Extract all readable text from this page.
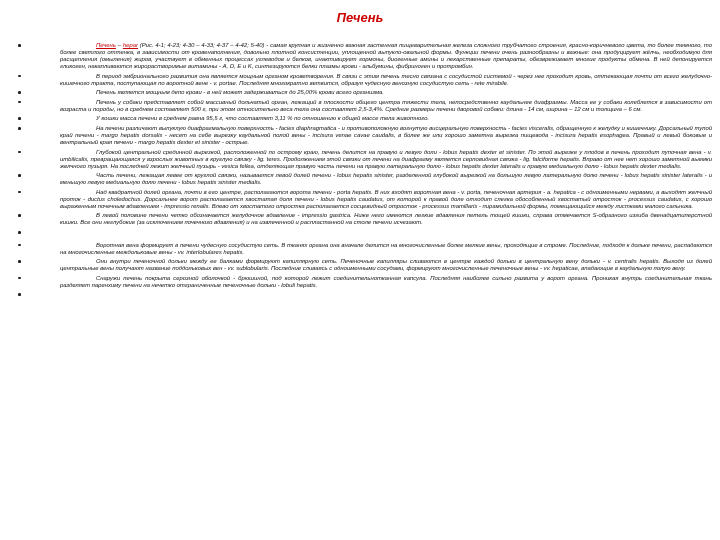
Печень
Печень – hepar (Рис. 4-1; 4-23; 4-30 – 4-33; 4-37 – 4-42; 5-40) - самая крупная и жизненно важная застенная пищеварительная железа сложного трубчатого строения, красно-коричневого цвета, то более темного, то более светлого оттенка, в зависимости от кровенаполнения, довольно плотной консистенции, уплощенной выпукло-овальной формы. Функции печени очень разнообразны и важные: она продуцирует жёлчь, необходимую для расщепления (омыления) жиров, участвует в обменных процессах углеводов и белков, инактивирует гормоны, биогенные амины и лекарственные препараты, обезвреживает многие продукты обмена. В ней депонируется гликоген, накапливаются жирорастворимые витамины - A, D, E и K, синтезируются белки плазмы крови - альбумины, фибриноген и протромбин.
В период эмбрионального развития она является мощным органом кроветворения. В связи с этим печень тесно связана с сосудистой системой - через нее проходит кровь, оттекающая почти от всего желудочно-кишечного тракта, поступающая по воротной вене - v. portae. Последняя многократно ветвится, образуя чудесную венозную сосудистую сеть - rete mirabile.
Печень является мощным депо крови - в ней может задерживаться до 25,00% крови всего организма.
Печень у собаки представляет собой массивный дольчатый орган, лежащий в плоскости общего центра тяжести тела, непосредственно каудальнее диафрагмы. Масса ее у собаки колеблется в зависимости от возраста и породы, но в среднем составляет 500 г, при этом относительно веса тела она составляет 2,5-3,4%. Средние размеры печени дворовой собаки: длина - 14 см, ширина – 12 см и толщина – 6 см.
У кошки масса печени в среднем равна 95,5 г, что составляет 3,11 % по отношению к общей массе тела животного.
На печени различают выпуклую диафрагмальную поверхность - facies diaphragmatica - и противоположную вогнутую висцеральную поверхность - facies visceralis, обращенную к желудку и кишечнику. Дорсальный тупой край печени - margo hepatis dorsalis - несет на себе вырезку каудальной полой вены - incisura venae cavae caudalis, в более же или хорошо заметна вырезка пищевода - incisura hepatis esophagea. Правый и левый боковые и вентральный края печени - margo hepatis dexter et sinister - острые.
Глубокой центральной срединной вырезкой, расположенной по острому краю, печень делится на правую и левую доли - lobus hepatis dexter et sinister. По этой вырезке у плодов в печень проходит пупочная вена - v. umbilicalis, превращающаяся у взрослых животных в круглую связку - lig. teres. Продолжением этой связки от печени на диафрагму является серповидная связка - lig. falciforme hepatis. Вправо от нее нет хорошо заметной выемки желчного пузыря. На последней лежит желчный пузырь - vesica fellea, отделяющая правую часть печени на правую латеральную долю - lobus hepatis dexter lateralis и правую медиальную долю - lobus hepatis dexter medialis.
Часть печени, лежащая левее от круглой связки, называется левой долей печени - lobus hepatis sinister, разделенной глубокой вырезкой на большую левую латеральную долю печени - lobus hepatis sinister lateralis - и меньшую левую медиальную долю печени - lobus hepatis sinister medialis.
Над квадратной долей органа, почти в его центре, располагаются ворота печени - porta hepatis. В них входят воротная вена - v. porta, печеночная артерия - a. hepatica - с одноименными нервами, а выходят желчный проток - ductus choledochus. Дорсальнее ворот располагается хвостатая доля печени - lobus hepatis caudatus, от которой к правой доле отходит слегка обособленный хвостатый отросток - processus caudatus, с хорошо выраженным почечным вдавлением - impressio renalis. Влево от хвостатого отростка располагается сосцевидный отросток - processus mamillaris - пирамидальной формы, помещающийся между листками малого сальника.
В левой половине печени четко обозначается желудочное вдавление - impressio gastrica. Ниже него имеются легкие вдавления петель тощей кишки, справа отмечается S-образного изгиба двенадцатиперстной кишки. Все они неглубокие (за исключением почечного вдавления) и на извлеченной и распластанной на столе печени исчезают.
Воротная вена формирует в печени чудесную сосудистую сеть. В тканях органа она вначале делится на многочисленные более мелкие вены, проходящие в строме. Последние, подходя к дольке печени, распадаются на многочисленные междольковые вены - vv. interlobulares hepatis.
Они внутри печеночной дольки между ее балками формируют капиллярную сеть. Печеночные капилляры сливаются в центре каждой дольки в центральную вену дольки - v. centralis hepatis. Выходя из долей центральные вены получают название поддольковых вен - vv. sublobularis. Последние сливаясь с одноименными сосудами, формируют многочисленные печеночные вены - vv. hepaticae, впадающие в каудальную полую вену.
Снаружи печень покрыта серозной оболочкой - брюшиной, под которой лежит соединительнотканная капсула. Последняя наиболее сильно развита у ворот органа. Проникая внутрь соединительная ткань разделяет паренхиму печени на нечетко отграниченные печеночные дольки - lobuli hepatis.
